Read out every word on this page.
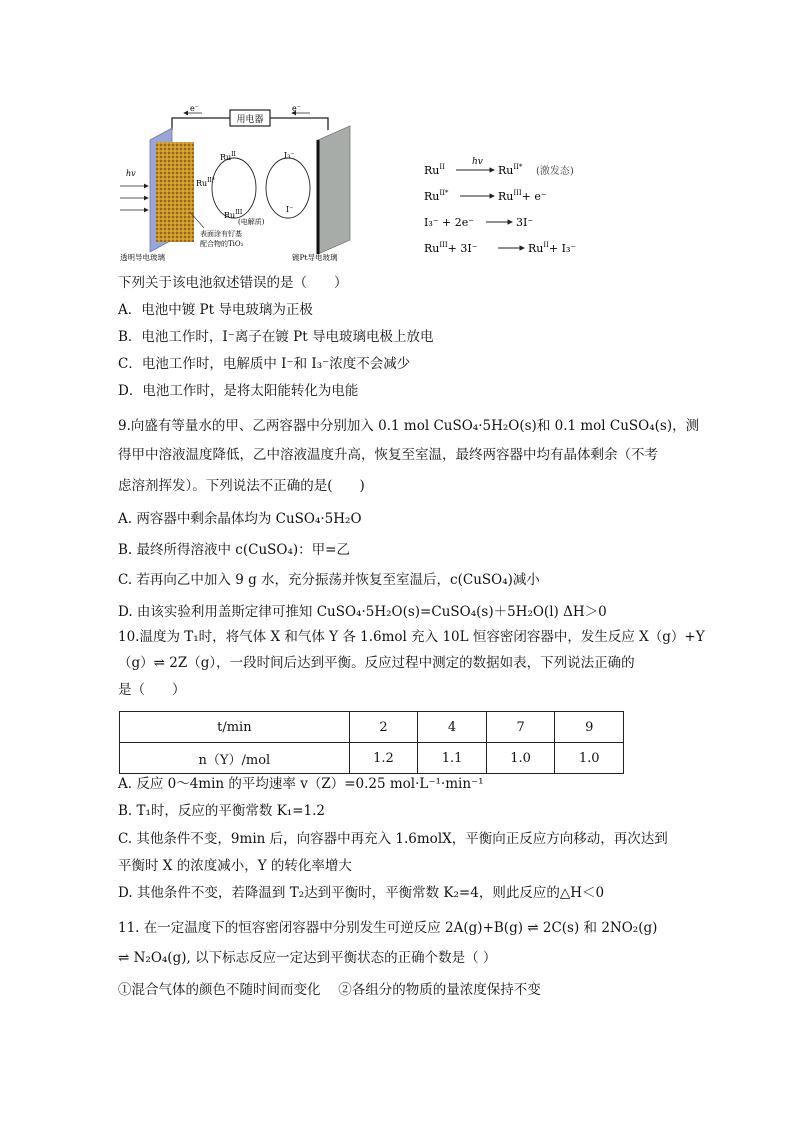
用电器
e⁻	e⁻
hv
$Ru^{II}$
$Ru^{II*}$
$Ru^{III}$
I₃⁻
I⁻
(电解质)
表面涂有钌基
配合物的TiO₂
透明导电玻璃	镀Pt导电玻璃
$Ru^{II}$	hv
$Ru^{II*}$ (激发态)
$Ru^{II*}$	$Ru^{III}+ e^-$
I₃⁻ + 2e⁻	3I⁻
$Ru^{III}+ 3I^-$	$Ru^{II}+ I_3^-$
下列关于该电池叙述错误的是（　　）
A．电池中镀 Pt 导电玻璃为正极
B．电池工作时，I⁻离子在镀 Pt 导电玻璃电极上放电
C．电池工作时，电解质中 I⁻和 I₃⁻浓度不会减少
D．电池工作时，是将太阳能转化为电能
9.向盛有等量水的甲、乙两容器中分别加入 0.1 mol CuSO₄·5H₂O(s)和 0.1 mol CuSO₄(s)，测
得甲中溶液温度降低，乙中溶液温度升高，恢复至室温，最终两容器中均有晶体剩余（不考
虑溶剂挥发）。下列说法不正确的是(　　)
A. 两容器中剩余晶体均为 CuSO₄·5H₂O
B. 最终所得溶液中 c(CuSO₄)：甲=乙
C. 若再向乙中加入 9 g 水，充分振荡并恢复至室温后，c(CuSO₄)减小
D. 由该实验利用盖斯定律可推知 CuSO₄·5H₂O(s)=CuSO₄(s)＋5H₂O(l) ΔH＞0
10.温度为 T₁时，将气体 X 和气体 Y 各 1.6mol 充入 10L 恒容密闭容器中，发生反应 X（g）+Y
（g）⇌ 2Z（g），一段时间后达到平衡。反应过程中测定的数据如表，下列说法正确的
是（　　）
t/min	2	4	7	9
n（Y）/mol	1.2	1.1	1.0	1.0
A. 反应 0～4min 的平均速率 v（Z）=0.25 mol·L⁻¹·min⁻¹
B. T₁时，反应的平衡常数 K₁=1.2
C. 其他条件不变，9min 后，向容器中再充入 1.6molX，平衡向正反应方向移动，再次达到
平衡时 X 的浓度减小，Y 的转化率增大
D. 其他条件不变，若降温到 T₂达到平衡时，平衡常数 K₂=4，则此反应的△H＜0
11. 在一定温度下的恒容密闭容器中分别发生可逆反应 2A(g)+B(g) ⇌ 2C(s) 和 2NO₂(g)
⇌ N₂O₄(g), 以下标志反应一定达到平衡状态的正确个数是（ ）
①混合气体的颜色不随时间而变化　 ②各组分的物质的量浓度保持不变
